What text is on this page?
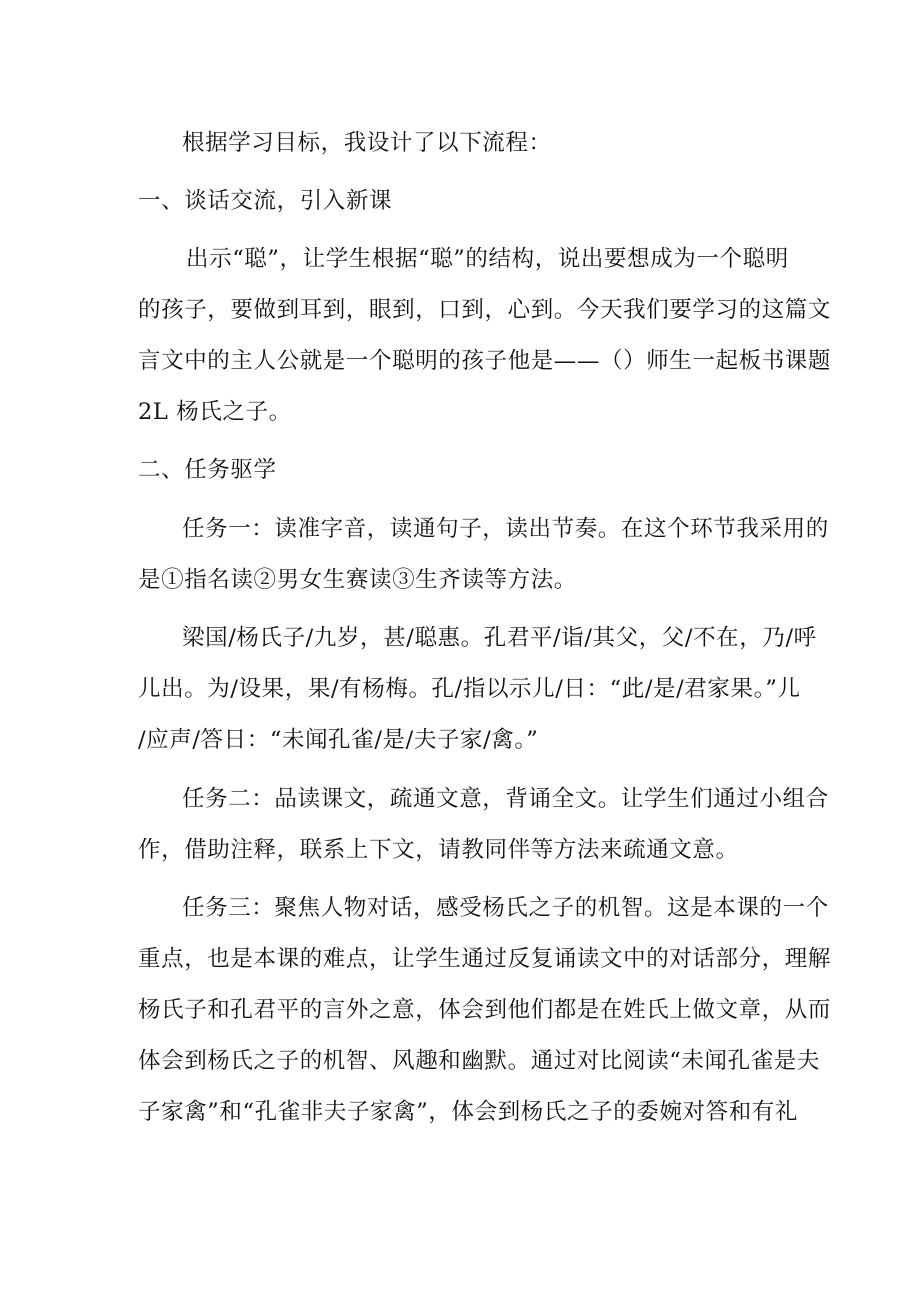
根据学习目标，我设计了以下流程：
一、谈话交流，引入新课
出示“聪”，让学生根据“聪”的结构，说出要想成为一个聪明
的孩子，要做到耳到，眼到，口到，心到。今天我们要学习的这篇文
言文中的主人公就是一个聪明的孩子他是——（）师生一起板书课题
2L 杨氏之子。
二、任务驱学
任务一：读准字音，读通句子，读出节奏。在这个环节我采用的
是①指名读②男女生赛读③生齐读等方法。
梁国/杨氏子/九岁，甚/聪惠。孔君平/诣/其父，父/不在，乃/呼
儿出。为/设果，果/有杨梅。孔/指以示儿/日：“此/是/君家果。”儿
/应声/答日：“未闻孔雀/是/夫子家/禽。”
任务二：品读课文，疏通文意，背诵全文。让学生们通过小组合
作，借助注释，联系上下文，请教同伴等方法来疏通文意。
任务三：聚焦人物对话，感受杨氏之子的机智。这是本课的一个
重点，也是本课的难点，让学生通过反复诵读文中的对话部分，理解
杨氏子和孔君平的言外之意，体会到他们都是在姓氏上做文章，从而
体会到杨氏之子的机智、风趣和幽默。通过对比阅读“未闻孔雀是夫
子家禽”和“孔雀非夫子家禽”，体会到杨氏之子的委婉对答和有礼
